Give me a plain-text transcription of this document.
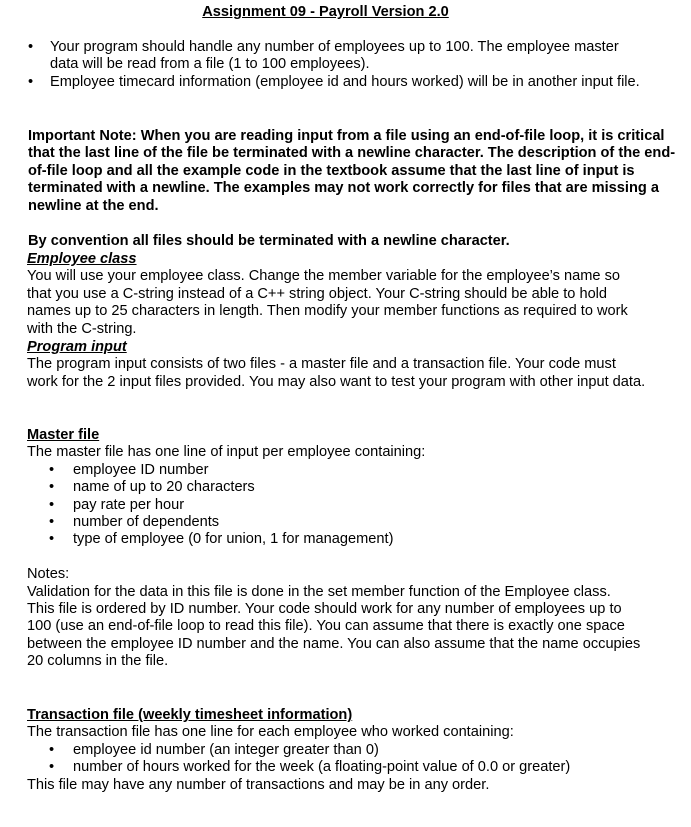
Assignment 09 - Payroll Version 2.0
• Your program should handle any number of employees up to 100. The employee master data will be read from a file (1 to 100 employees).
• Employee timecard information (employee id and hours worked) will be in another input file.
Important Note: When you are reading input from a file using an end-of-file loop, it is critical that the last line of the file be terminated with a newline character. The description of the end-of-file loop and all the example code in the textbook assume that the last line of input is terminated with a newline. The examples may not work correctly for files that are missing a newline at the end.
By convention all files should be terminated with a newline character.
Employee class
You will use your employee class. Change the member variable for the employee’s name so that you use a C-string instead of a C++ string object. Your C-string should be able to hold names up to 25 characters in length. Then modify your member functions as required to work with the C-string.
Program input
The program input consists of two files - a master file and a transaction file. Your code must work for the 2 input files provided. You may also want to test your program with other input data.
Master file
The master file has one line of input per employee containing:
• employee ID number
• name of up to 20 characters
• pay rate per hour
• number of dependents
• type of employee (0 for union, 1 for management)
Notes:
Validation for the data in this file is done in the set member function of the Employee class.
This file is ordered by ID number. Your code should work for any number of employees up to 100 (use an end-of-file loop to read this file). You can assume that there is exactly one space between the employee ID number and the name. You can also assume that the name occupies 20 columns in the file.
Transaction file (weekly timesheet information)
The transaction file has one line for each employee who worked containing:
• employee id number (an integer greater than 0)
• number of hours worked for the week (a floating-point value of 0.0 or greater)
This file may have any number of transactions and may be in any order.
